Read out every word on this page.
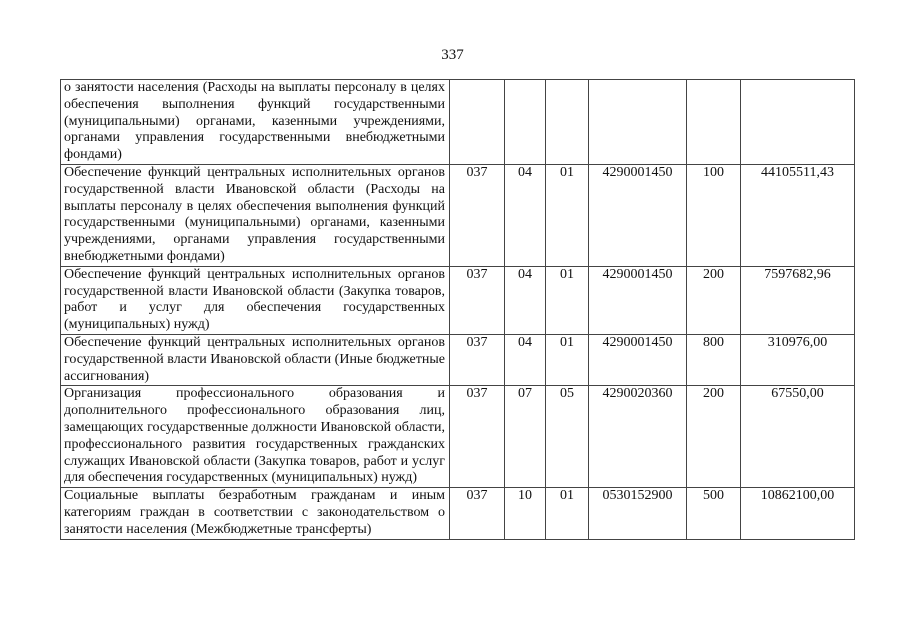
337
о занятости населения (Расходы на выплаты персоналу в целях обеспечения выполнения функций государственными (муниципальными) органами, казенными учреждениями, органами управления государственными внебюджетными фондами)						
Обеспечение функций центральных исполнительных органов государственной власти Ивановской области (Расходы на выплаты персоналу в целях обеспечения выполнения функций государственными (муниципальными) органами, казенными учреждениями, органами управления государственными внебюджетными фондами)	037	04	01	4290001450	100	44105511,43
Обеспечение функций центральных исполнительных органов государственной власти Ивановской области (Закупка товаров, работ и услуг для обеспечения государственных (муниципальных) нужд)	037	04	01	4290001450	200	7597682,96
Обеспечение функций центральных исполнительных органов государственной власти Ивановской области (Иные бюджетные ассигнования)	037	04	01	4290001450	800	310976,00
Организация профессионального образования и дополнительного профессионального образования лиц, замещающих государственные должности Ивановской области, профессионального развития государственных гражданских служащих Ивановской области (Закупка товаров, работ и услуг для обеспечения государственных (муниципальных) нужд)	037	07	05	4290020360	200	67550,00
Социальные выплаты безработным гражданам и иным категориям граждан в соответствии с законодательством о занятости населения (Межбюджетные трансферты)	037	10	01	0530152900	500	10862100,00
